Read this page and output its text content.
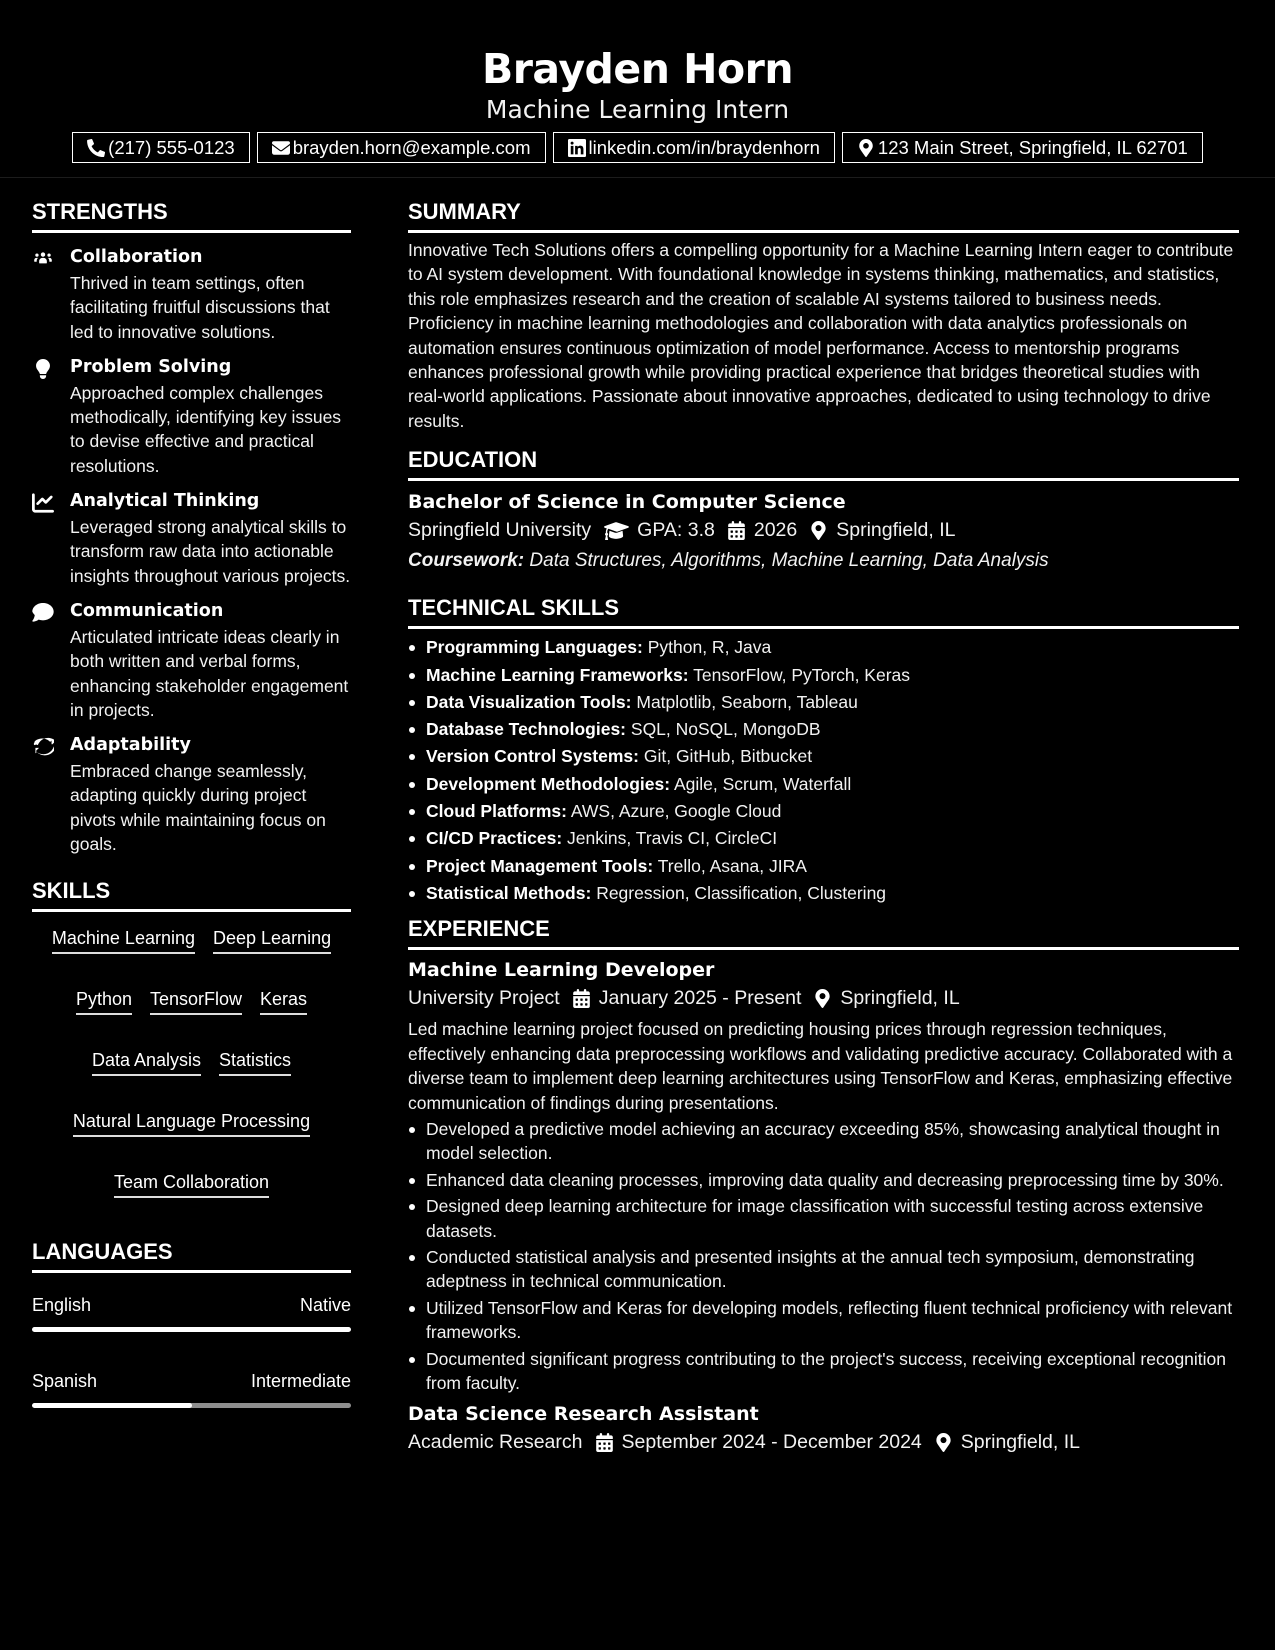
Brayden Horn
Machine Learning Intern
(217) 555-0123	brayden.horn@example.com	linkedin.com/in/braydenhorn	123 Main Street, Springfield, IL 62701
STRENGTHS
Collaboration
Thrived in team settings, often facilitating fruitful discussions that led to innovative solutions.
Problem Solving
Approached complex challenges methodically, identifying key issues to devise effective and practical resolutions.
Analytical Thinking
Leveraged strong analytical skills to transform raw data into actionable insights throughout various projects.
Communication
Articulated intricate ideas clearly in both written and verbal forms, enhancing stakeholder engagement in projects.
Adaptability
Embraced change seamlessly, adapting quickly during project pivots while maintaining focus on goals.
SKILLS
Machine Learning Deep Learning
Python TensorFlow Keras
Data Analysis Statistics
Natural Language Processing
Team Collaboration
LANGUAGES
English	Native
Spanish	Intermediate
SUMMARY
Innovative Tech Solutions offers a compelling opportunity for a Machine Learning Intern eager to contribute to AI system development. With foundational knowledge in systems thinking, mathematics, and statistics, this role emphasizes research and the creation of scalable AI systems tailored to business needs. Proficiency in machine learning methodologies and collaboration with data analytics professionals on automation ensures continuous optimization of model performance. Access to mentorship programs enhances professional growth while providing practical experience that bridges theoretical studies with real-world applications. Passionate about innovative approaches, dedicated to using technology to drive results.
EDUCATION
Bachelor of Science in Computer Science
Springfield University GPA: 3.8 2026 Springfield, IL
Coursework: Data Structures, Algorithms, Machine Learning, Data Analysis
TECHNICAL SKILLS
Programming Languages: Python, R, Java
Machine Learning Frameworks: TensorFlow, PyTorch, Keras
Data Visualization Tools: Matplotlib, Seaborn, Tableau
Database Technologies: SQL, NoSQL, MongoDB
Version Control Systems: Git, GitHub, Bitbucket
Development Methodologies: Agile, Scrum, Waterfall
Cloud Platforms: AWS, Azure, Google Cloud
CI/CD Practices: Jenkins, Travis CI, CircleCI
Project Management Tools: Trello, Asana, JIRA
Statistical Methods: Regression, Classification, Clustering
EXPERIENCE
Machine Learning Developer
University Project January 2025 - Present Springfield, IL
Led machine learning project focused on predicting housing prices through regression techniques, effectively enhancing data preprocessing workflows and validating predictive accuracy. Collaborated with a diverse team to implement deep learning architectures using TensorFlow and Keras, emphasizing effective communication of findings during presentations.
Developed a predictive model achieving an accuracy exceeding 85%, showcasing analytical thought in model selection.
Enhanced data cleaning processes, improving data quality and decreasing preprocessing time by 30%.
Designed deep learning architecture for image classification with successful testing across extensive datasets.
Conducted statistical analysis and presented insights at the annual tech symposium, demonstrating adeptness in technical communication.
Utilized TensorFlow and Keras for developing models, reflecting fluent technical proficiency with relevant frameworks.
Documented significant progress contributing to the project's success, receiving exceptional recognition from faculty.
Data Science Research Assistant
Academic Research September 2024 - December 2024 Springfield, IL
